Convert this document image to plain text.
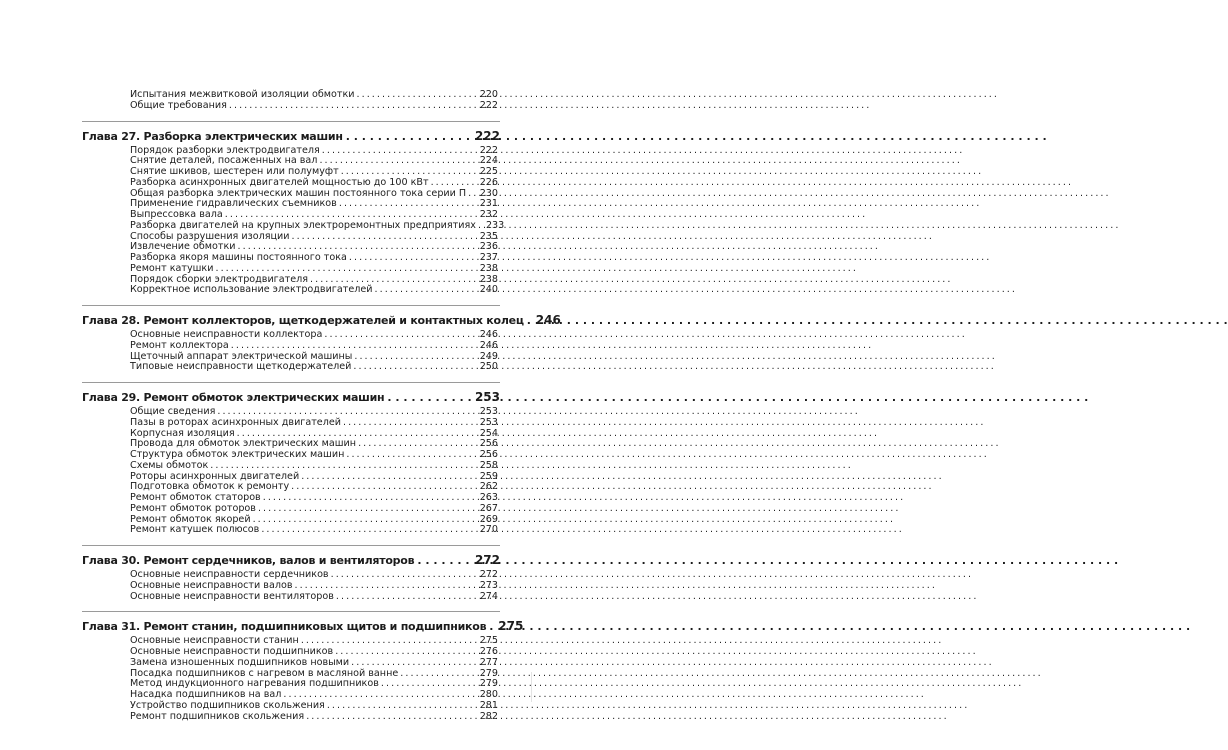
Испытания межвитковой изоляции обмотки . . .	220
Общие требования . . .	222
Глава 27. Разборка электрических машин . . .	222
Порядок разборки электродвигателя . . .	222
Снятие деталей, посаженных на вал . . .	224
Снятие шкивов, шестерен или полумуфт . . .	225
Разборка асинхронных двигателей мощностью до 100 кВт . . .	226
Общая разборка электрических машин постоянного тока серии П . . . 230
Применение гидравлических съемников . . .	231
Выпрессовка вала . . .	232
Разборка двигателей на крупных электроремонтных предприятиях . . . 233
Способы разрушения изоляции . . .	235
Извлечение обмотки . . .	236
Разборка якоря машины постоянного тока . . .	237
Ремонт катушки . . .	238
Порядок сборки электродвигателя . . .	238
Корректное использование электродвигателей . . .	240
Глава 28. Ремонт коллекторов, щеткодержателей и контактных колец . . . 246
Основные неисправности коллектора . . .	246
Ремонт коллектора . . .	246
Щеточный аппарат электрической машины . . .	249
Типовые неисправности щеткодержателей . . .	250
Глава 29. Ремонт обмоток электрических машин . . .	253
Общие сведения . . .	253
Пазы в роторах асинхронных двигателей . . .	253
Корпусная изоляция . . .	254
Провода для обмоток электрических машин . . .	256
Структура обмоток электрических машин . . .	256
Схемы обмоток . . .	258
Роторы асинхронных двигателей . . .	259
Подготовка обмоток к ремонту . . .	262
Ремонт обмоток статоров . . .	263
Ремонт обмоток роторов . . .	267
Ремонт обмоток якорей . . .	269
Ремонт катушек полюсов . . .	270
Глава 30. Ремонт сердечников, валов и вентиляторов . . .	272
Основные неисправности сердечников . . .	272
Основные неисправности валов . . .	273
Основные неисправности вентиляторов . . .	274
Глава 31. Ремонт станин, подшипниковых щитов и подшипников . . . 275
Основные неисправности станин . . .	275
Основные неисправности подшипников . . .	276
Замена изношенных подшипников новыми . . .	277
Посадка подшипников с нагревом в масляной ванне . . .	279
Метод индукционного нагревания подшипников . . .	279
Насадка подшипников на вал . . .	280
Устройство подшипников скольжения . . .	281
Ремонт подшипников скольжения . . .	282
